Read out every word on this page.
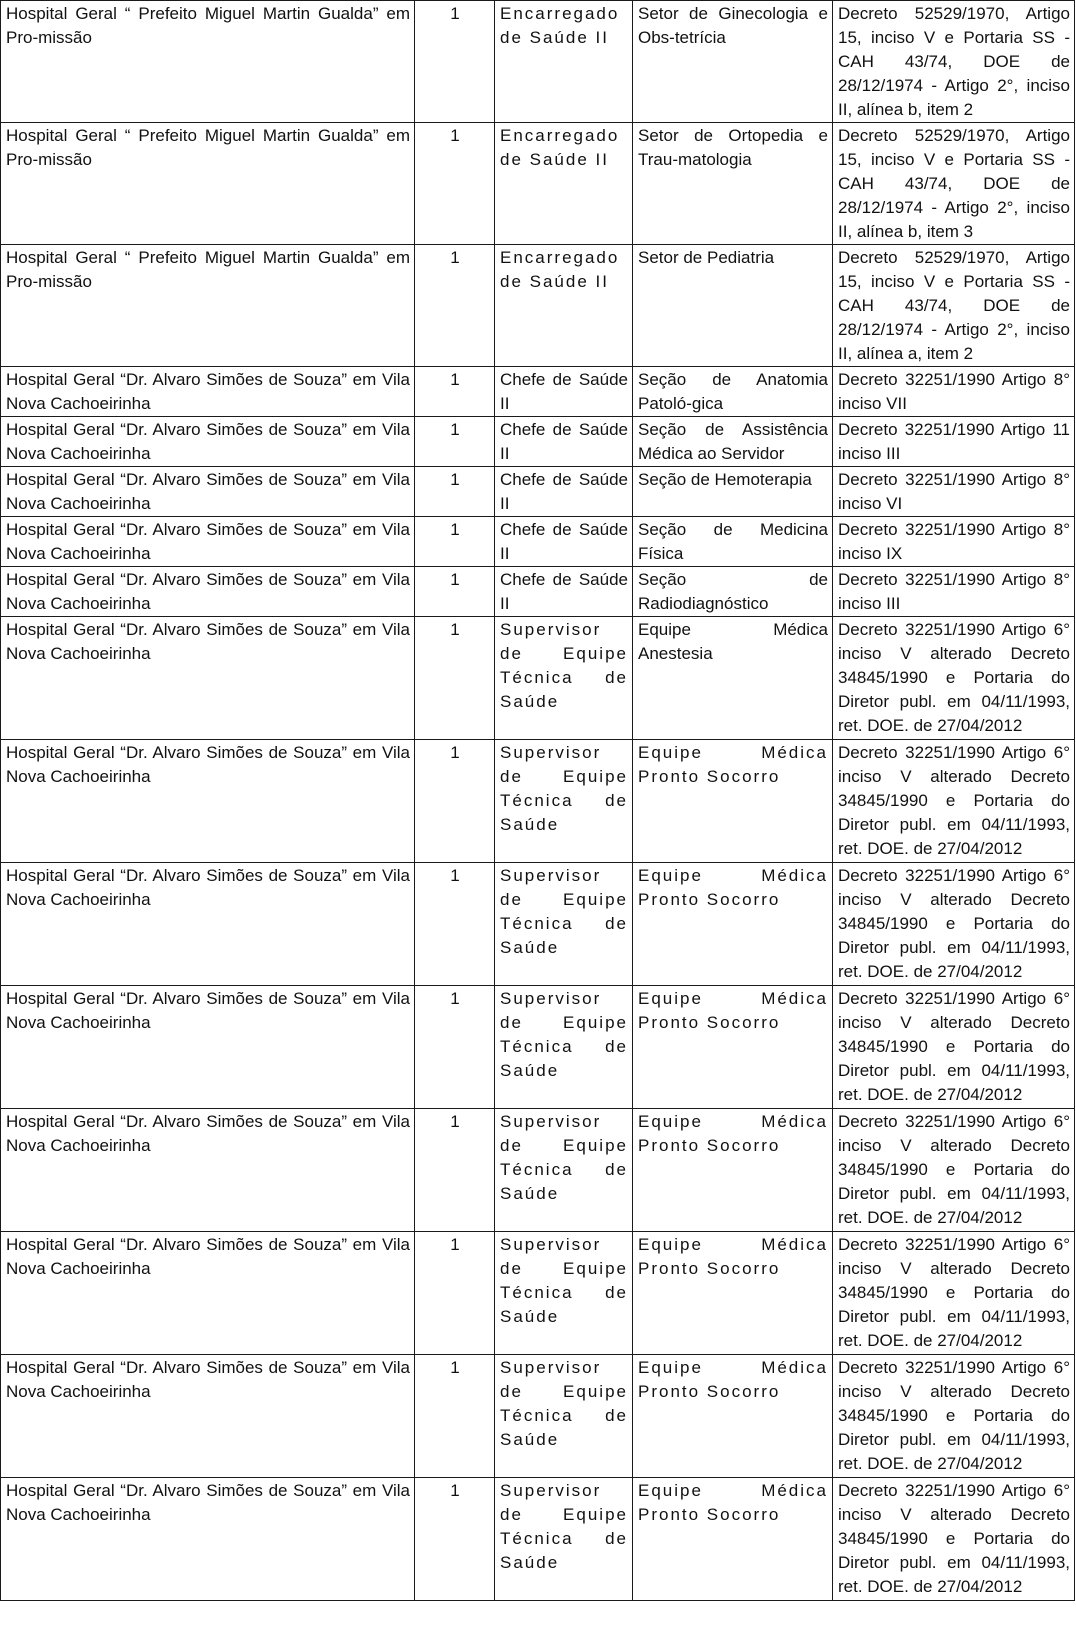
Hospital Geral “ Prefeito Miguel Martin Gualda” em Pro-missão	1	Encarregado de Saúde II	Setor de Ginecologia e Obs-tetrícia	Decreto 52529/1970, Artigo 15, inciso V e Portaria SS - CAH 43/74, DOE de 28/12/1974 - Artigo 2°, inciso II, alínea b, item 2

Hospital Geral “ Prefeito Miguel Martin Gualda” em Pro-missão	1	Encarregado de Saúde II	Setor de Ortopedia e Trau-matologia	Decreto 52529/1970, Artigo 15, inciso V e Portaria SS - CAH 43/74, DOE de 28/12/1974 - Artigo 2°, inciso II, alínea b, item 3

Hospital Geral “ Prefeito Miguel Martin Gualda” em Pro-missão	1	Encarregado de Saúde II	Setor de Pediatria	Decreto 52529/1970, Artigo 15, inciso V e Portaria SS - CAH 43/74, DOE de 28/12/1974 - Artigo 2°, inciso II, alínea a, item 2

Hospital Geral “Dr. Alvaro Simões de Souza” em Vila Nova Cachoeirinha	1	Chefe de Saúde II	Seção de Anatomia Patoló-gica	Decreto 32251/1990 Artigo 8° inciso VII

Hospital Geral “Dr. Alvaro Simões de Souza” em Vila Nova Cachoeirinha	1	Chefe de Saúde II	Seção de Assistência Médica ao Servidor	Decreto 32251/1990 Artigo 11 inciso III

Hospital Geral “Dr. Alvaro Simões de Souza” em Vila Nova Cachoeirinha	1	Chefe de Saúde II	Seção de Hemoterapia	Decreto 32251/1990 Artigo 8° inciso VI

Hospital Geral “Dr. Alvaro Simões de Souza” em Vila Nova Cachoeirinha	1	Chefe de Saúde II	Seção de Medicina Física	Decreto 32251/1990 Artigo 8° inciso IX

Hospital Geral “Dr. Alvaro Simões de Souza” em Vila Nova Cachoeirinha	1	Chefe de Saúde II	Seção de Radiodiagnóstico	Decreto 32251/1990 Artigo 8° inciso III

Hospital Geral “Dr. Alvaro Simões de Souza” em Vila Nova Cachoeirinha	1	Supervisor de Equipe Técnica de Saúde	Equipe Médica Anestesia	Decreto 32251/1990 Artigo 6° inciso V alterado Decreto 34845/1990 e Portaria do Diretor publ. em 04/11/1993, ret. DOE. de 27/04/2012

Hospital Geral “Dr. Alvaro Simões de Souza” em Vila Nova Cachoeirinha	1	Supervisor de Equipe Técnica de Saúde	Equipe Médica Pronto Socorro	Decreto 32251/1990 Artigo 6° inciso V alterado Decreto 34845/1990 e Portaria do Diretor publ. em 04/11/1993, ret. DOE. de 27/04/2012

Hospital Geral “Dr. Alvaro Simões de Souza” em Vila Nova Cachoeirinha	1	Supervisor de Equipe Técnica de Saúde	Equipe Médica Pronto Socorro	Decreto 32251/1990 Artigo 6° inciso V alterado Decreto 34845/1990 e Portaria do Diretor publ. em 04/11/1993, ret. DOE. de 27/04/2012

Hospital Geral “Dr. Alvaro Simões de Souza” em Vila Nova Cachoeirinha	1	Supervisor de Equipe Técnica de Saúde	Equipe Médica Pronto Socorro	Decreto 32251/1990 Artigo 6° inciso V alterado Decreto 34845/1990 e Portaria do Diretor publ. em 04/11/1993, ret. DOE. de 27/04/2012

Hospital Geral “Dr. Alvaro Simões de Souza” em Vila Nova Cachoeirinha	1	Supervisor de Equipe Técnica de Saúde	Equipe Médica Pronto Socorro	Decreto 32251/1990 Artigo 6° inciso V alterado Decreto 34845/1990 e Portaria do Diretor publ. em 04/11/1993, ret. DOE. de 27/04/2012

Hospital Geral “Dr. Alvaro Simões de Souza” em Vila Nova Cachoeirinha	1	Supervisor de Equipe Técnica de Saúde	Equipe Médica Pronto Socorro	Decreto 32251/1990 Artigo 6° inciso V alterado Decreto 34845/1990 e Portaria do Diretor publ. em 04/11/1993, ret. DOE. de 27/04/2012

Hospital Geral “Dr. Alvaro Simões de Souza” em Vila Nova Cachoeirinha	1	Supervisor de Equipe Técnica de Saúde	Equipe Médica Pronto Socorro	Decreto 32251/1990 Artigo 6° inciso V alterado Decreto 34845/1990 e Portaria do Diretor publ. em 04/11/1993, ret. DOE. de 27/04/2012

Hospital Geral “Dr. Alvaro Simões de Souza” em Vila Nova Cachoeirinha	1	Supervisor de Equipe Técnica de Saúde	Equipe Médica Pronto Socorro	Decreto 32251/1990 Artigo 6° inciso V alterado Decreto 34845/1990 e Portaria do Diretor publ. em 04/11/1993, ret. DOE. de 27/04/2012
